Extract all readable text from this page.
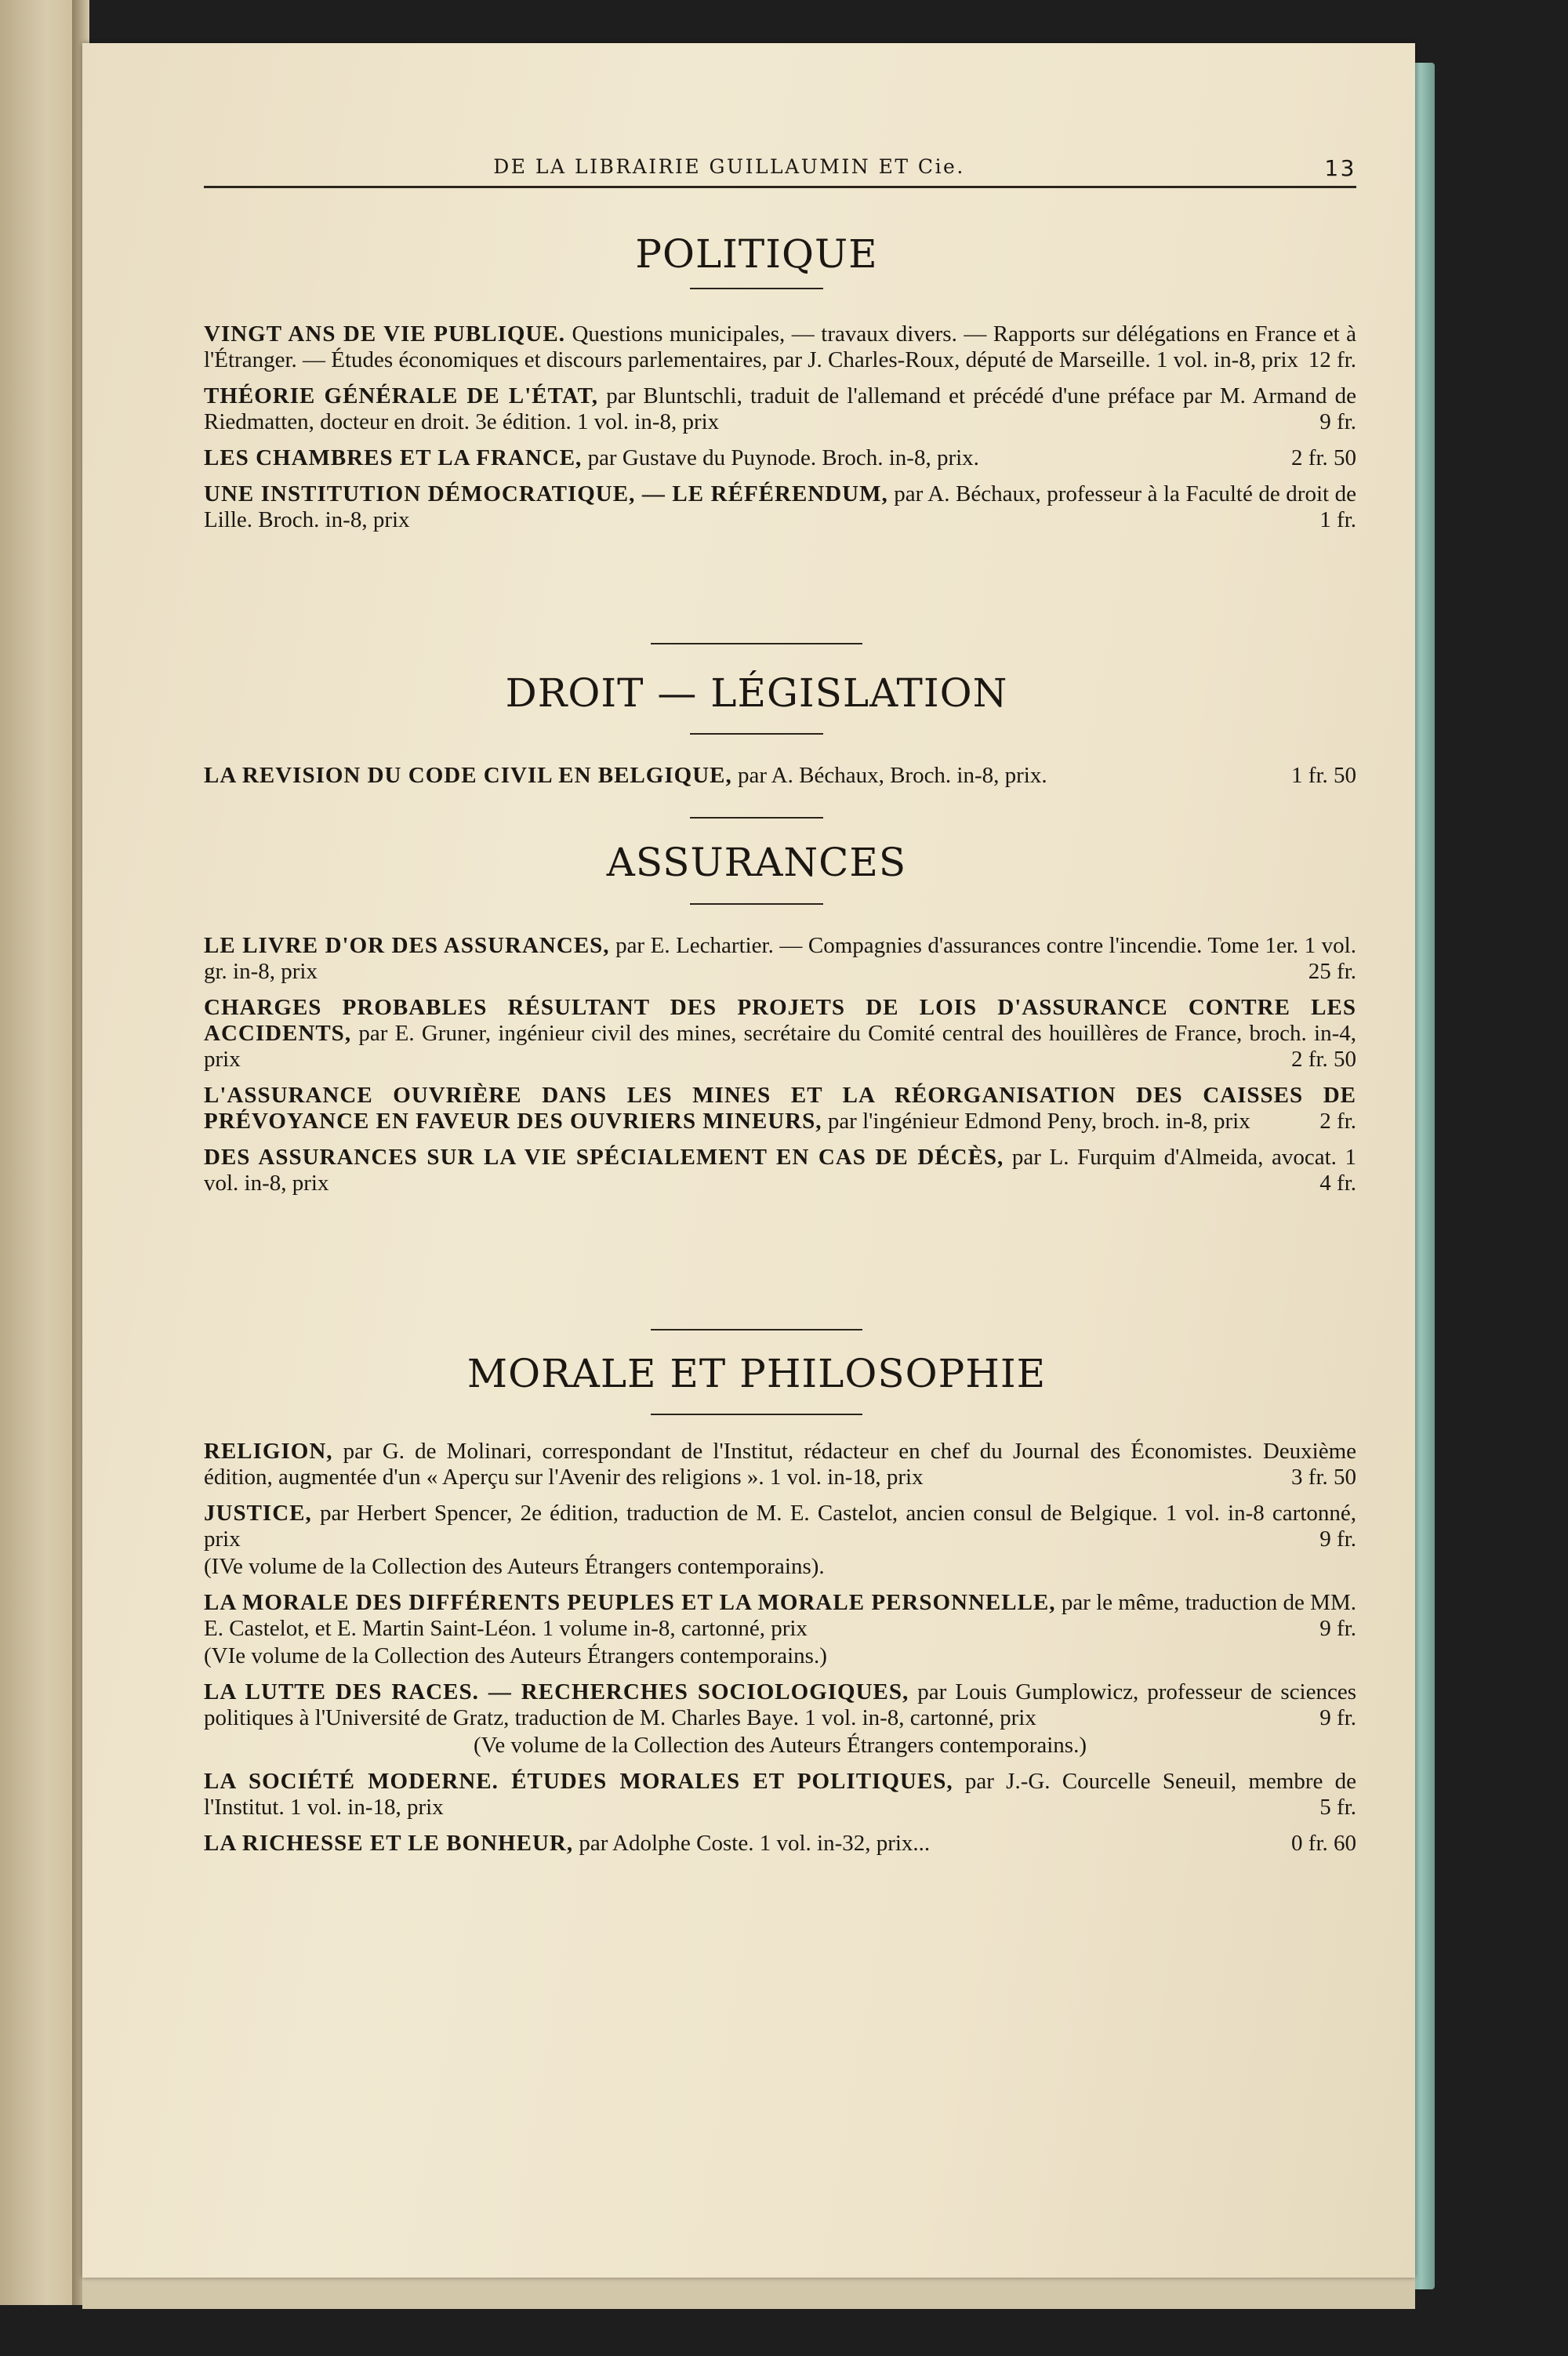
DE LA LIBRAIRIE GUILLAUMIN ET Cie.	13
POLITIQUE
VINGT ANS DE VIE PUBLIQUE. Questions municipales, — travaux divers. — Rapports sur délégations en France et à l'Étranger. — Études économiques et discours parlementaires, par J. Charles-Roux, député de Marseille. 1 vol. in-8, prix 12 fr.
THÉORIE GÉNÉRALE DE L'ÉTAT, par Bluntschli, traduit de l'allemand et précédé d'une préface par M. Armand de Riedmatten, docteur en droit. 3e édition. 1 vol. in-8, prix	9 fr.
LES CHAMBRES ET LA FRANCE, par Gustave du Puynode. Broch. in-8, prix.	2 fr. 50
UNE INSTITUTION DÉMOCRATIQUE, — LE RÉFÉRENDUM, par A. Béchaux, professeur à la Faculté de droit de Lille. Broch. in-8, prix	1 fr.
DROIT — LÉGISLATION
LA REVISION DU CODE CIVIL EN BELGIQUE, par A. Béchaux, Broch. in-8, prix.	1 fr. 50
ASSURANCES
LE LIVRE D'OR DES ASSURANCES, par E. Lechartier. — Compagnies d'assurances contre l'incendie. Tome 1er. 1 vol. gr. in-8, prix	25 fr.
CHARGES PROBABLES RÉSULTANT DES PROJETS DE LOIS D'ASSURANCE CONTRE LES ACCIDENTS, par E. Gruner, ingénieur civil des mines, secrétaire du Comité central des houillères de France, broch. in-4, prix	2 fr. 50
L'ASSURANCE OUVRIÈRE DANS LES MINES ET LA RÉORGANISATION DES CAISSES DE PRÉVOYANCE EN FAVEUR DES OUVRIERS MINEURS, par l'ingénieur Edmond Peny, broch. in-8, prix	2 fr.
DES ASSURANCES SUR LA VIE SPÉCIALEMENT EN CAS DE DÉCÈS, par L. Furquim d'Almeida, avocat. 1 vol. in-8, prix	4 fr.
MORALE ET PHILOSOPHIE
RELIGION, par G. de Molinari, correspondant de l'Institut, rédacteur en chef du Journal des Économistes. Deuxième édition, augmentée d'un « Aperçu sur l'Avenir des religions ». 1 vol. in-18, prix	3 fr. 50
JUSTICE, par Herbert Spencer, 2e édition, traduction de M. E. Castelot, ancien consul de Belgique. 1 vol. in-8 cartonné, prix	9 fr.
(IVe volume de la Collection des Auteurs Étrangers contemporains).
LA MORALE DES DIFFÉRENTS PEUPLES ET LA MORALE PERSONNELLE, par le même, traduction de MM. E. Castelot, et E. Martin Saint-Léon. 1 volume in-8, cartonné, prix	9 fr.
(VIe volume de la Collection des Auteurs Étrangers contemporains.)
LA LUTTE DES RACES. — RECHERCHES SOCIOLOGIQUES, par Louis Gumplowicz, professeur de sciences politiques à l'Université de Gratz, traduction de M. Charles Baye. 1 vol. in-8, cartonné, prix	9 fr.
(Ve volume de la Collection des Auteurs Étrangers contemporains.)
LA SOCIÉTÉ MODERNE. ÉTUDES MORALES ET POLITIQUES, par J.-G. Courcelle Seneuil, membre de l'Institut. 1 vol. in-18, prix	5 fr.
LA RICHESSE ET LE BONHEUR, par Adolphe Coste. 1 vol. in-32, prix...	0 fr. 60
